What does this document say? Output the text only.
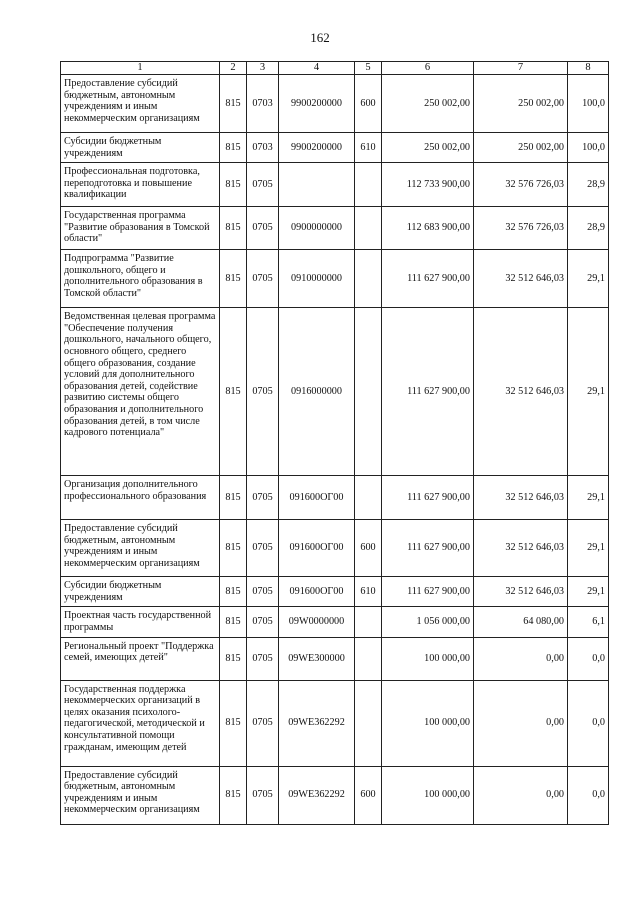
162
1	2	3	4	5	6	7	8
Предоставление субсидий бюджетным, автономным учреждениям и иным некоммерческим организациям	815	0703	9900200000	600	250 002,00	250 002,00	100,0
Субсидии бюджетным учреждениям	815	0703	9900200000	610	250 002,00	250 002,00	100,0
Профессиональная подготовка, переподготовка и повышение квалификации	815	0705			112 733 900,00	32 576 726,03	28,9
Государственная программа "Развитие образования в Томской области"	815	0705	0900000000		112 683 900,00	32 576 726,03	28,9
Подпрограмма "Развитие дошкольного, общего и дополнительного образования в Томской области"	815	0705	0910000000		111 627 900,00	32 512 646,03	29,1
Ведомственная целевая программа "Обеспечение получения дошкольного, начального общего, основного общего, среднего общего образования, создание условий для дополнительного образования детей, содействие развитию системы общего образования и дополнительного образования детей, в том числе кадрового потенциала"	815	0705	0916000000		111 627 900,00	32 512 646,03	29,1
Организация дополнительного профессионального образования	815	0705	091600ОГ00		111 627 900,00	32 512 646,03	29,1
Предоставление субсидий бюджетным, автономным учреждениям и иным некоммерческим организациям	815	0705	091600ОГ00	600	111 627 900,00	32 512 646,03	29,1
Субсидии бюджетным учреждениям	815	0705	091600ОГ00	610	111 627 900,00	32 512 646,03	29,1
Проектная часть государственной программы	815	0705	09W0000000		1 056 000,00	64 080,00	6,1
Региональный проект "Поддержка семей, имеющих детей"	815	0705	09WE300000		100 000,00	0,00	0,0
Государственная поддержка некоммерческих организаций в целях оказания психолого-педагогической, методической и консультативной помощи гражданам, имеющим детей	815	0705	09WE362292		100 000,00	0,00	0,0
Предоставление субсидий бюджетным, автономным учреждениям и иным некоммерческим организациям	815	0705	09WE362292	600	100 000,00	0,00	0,0
